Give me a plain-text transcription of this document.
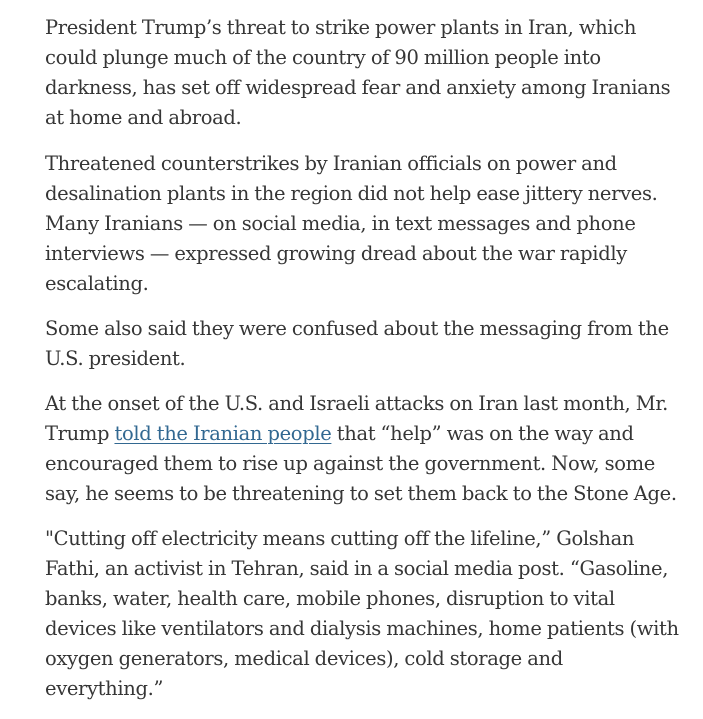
President Trump’s threat to strike power plants in Iran, which could plunge much of the country of 90 million people into darkness, has set off widespread fear and anxiety among Iranians at home and abroad.

Threatened counterstrikes by Iranian officials on power and desalination plants in the region did not help ease jittery nerves. Many Iranians — on social media, in text messages and phone interviews — expressed growing dread about the war rapidly escalating.

Some also said they were confused about the messaging from the U.S. president.

At the onset of the U.S. and Israeli attacks on Iran last month, Mr. Trump told the Iranian people that “help” was on the way and encouraged them to rise up against the government. Now, some say, he seems to be threatening to set them back to the Stone Age.

"Cutting off electricity means cutting off the lifeline,” Golshan Fathi, an activist in Tehran, said in a social media post. “Gasoline, banks, water, health care, mobile phones, disruption to vital devices like ventilators and dialysis machines, home patients (with oxygen generators, medical devices), cold storage and everything.”
